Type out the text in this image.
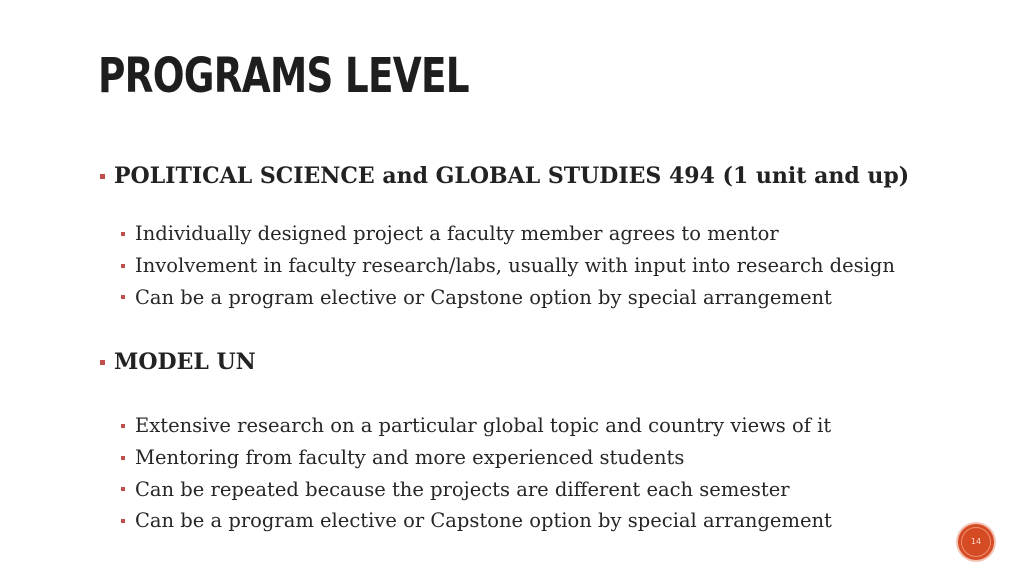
PROGRAMS LEVEL
POLITICAL SCIENCE and GLOBAL STUDIES 494 (1 unit and up)
Individually designed project a faculty member agrees to mentor
Involvement in faculty research/labs, usually with input into research design
Can be a program elective or Capstone option by special arrangement
MODEL UN
Extensive research on a particular global topic and country views of it
Mentoring from faculty and more experienced students
Can be repeated because the projects are different each semester
Can be a program elective or Capstone option by special arrangement
14
